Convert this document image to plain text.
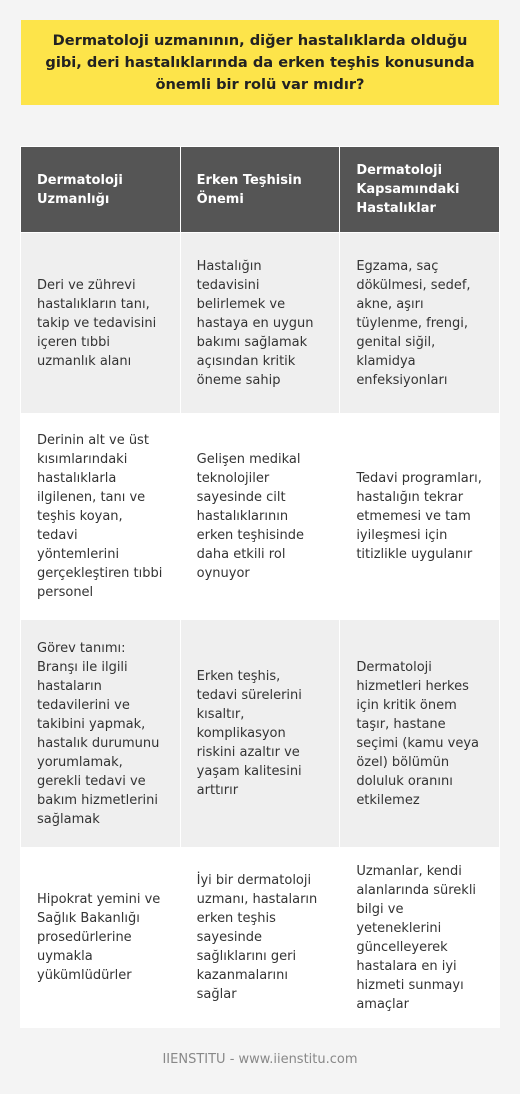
Dermatoloji uzmanının, diğer hastalıklarda olduğu gibi, deri hastalıklarında da erken teşhis konusunda önemli bir rolü var mıdır?
Dermatoloji Uzmanlığı	Erken Teşhisin Önemi	Dermatoloji Kapsamındaki Hastalıklar
Deri ve zührevi hastalıkların tanı, takip ve tedavisini içeren tıbbi uzmanlık alanı	Hastalığın tedavisini belirlemek ve hastaya en uygun bakımı sağlamak açısından kritik öneme sahip	Egzama, saç dökülmesi, sedef, akne, aşırı tüylenme, frengi, genital siğil, klamidya enfeksiyonları
Derinin alt ve üst kısımlarındaki hastalıklarla ilgilenen, tanı ve teşhis koyan, tedavi yöntemlerini gerçekleştiren tıbbi personel	Gelişen medikal teknolojiler sayesinde cilt hastalıklarının erken teşhisinde daha etkili rol oynuyor	Tedavi programları, hastalığın tekrar etmemesi ve tam iyileşmesi için titizlikle uygulanır
Görev tanımı: Branşı ile ilgili hastaların tedavilerini ve takibini yapmak, hastalık durumunu yorumlamak, gerekli tedavi ve bakım hizmetlerini sağlamak	Erken teşhis, tedavi sürelerini kısaltır, komplikasyon riskini azaltır ve yaşam kalitesini arttırır	Dermatoloji hizmetleri herkes için kritik önem taşır, hastane seçimi (kamu veya özel) bölümün doluluk oranını etkilemez
Hipokrat yemini ve Sağlık Bakanlığı prosedürlerine uymakla yükümlüdürler	İyi bir dermatoloji uzmanı, hastaların erken teşhis sayesinde sağlıklarını geri kazanmalarını sağlar	Uzmanlar, kendi alanlarında sürekli bilgi ve yeteneklerini güncelleyerek hastalara en iyi hizmeti sunmayı amaçlar
IIENSTITU - www.iienstitu.com
